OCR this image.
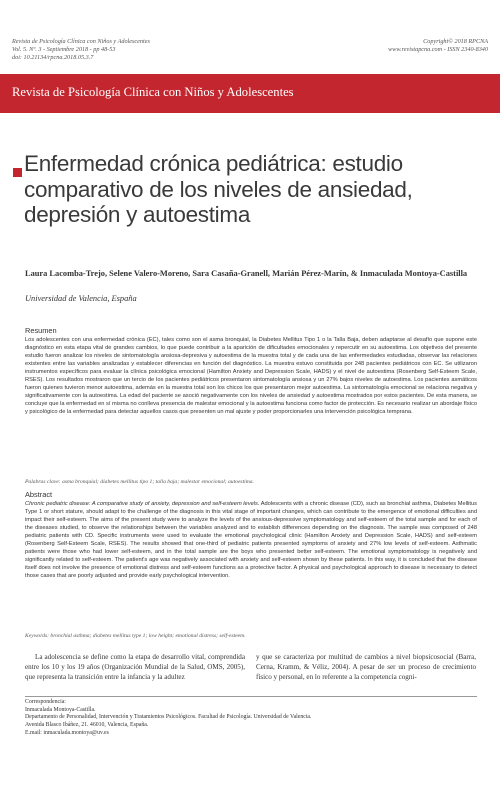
Revista de Psicología Clínica con Niños y Adolescentes
Vol. 5. Nº. 3 - Septiembre 2018 - pp 48-53
doi: 10.21134/rpcna.2018.05.3.7
Copyright© 2018 RPCNA
www.revistapcna.com - ISSN 2340-8340
Revista de Psicología Clínica con Niños y Adolescentes
Enfermedad crónica pediátrica: estudio
comparativo de los niveles de ansiedad,
depresión y autoestima
Laura Lacomba-Trejo, Selene Valero-Moreno, Sara Casaña-Granell, Marián Pérez-Marín, & Inmaculada Montoya-Castilla
Universidad de Valencia, España
Resumen
Los adolescentes con una enfermedad crónica (EC), tales como son el asma bronquial, la Diabetes Mellitus Tipo 1 o la Talla Baja, deben adaptarse al desafío que supone este diagnóstico en esta etapa vital de grandes cambios, lo que puede contribuir a la aparición de dificultades emocionales y repercutir en su autoestima. Los objetivos del presente estudio fueron analizar los niveles de sintomatología ansiosa-depresiva y autoestima de la muestra total y de cada una de las enfermedades estudiadas, observar las relaciones existentes entre las variables analizadas y establecer diferencias en función del diagnóstico. La muestra estuvo constituida por 248 pacientes pediátricos con EC. Se utilizaron instrumentos específicos para evaluar la clínica psicológica emocional (Hamilton Anxiety and Depression Scale, HADS) y el nivel de autoestima (Rosenberg Self-Esteem Scale, RSES). Los resultados mostraron que un tercio de los pacientes pediátricos presentaron sintomatología ansiosa y un 27% bajos niveles de autoestima. Los pacientes asmáticos fueron quienes tuvieron menor autoestima, además en la muestra total son los chicos los que presentaron mejor autoestima. La sintomatología emocional se relaciona negativa y significativamente con la autoestima. La edad del paciente se asoció negativamente con los niveles de ansiedad y autoestima mostrados por estos pacientes. De esta manera, se concluye que la enfermedad en sí misma no conlleva presencia de malestar emocional y la autoestima funciona como factor de protección. Es necesario realizar un abordaje físico y psicológico de la enfermedad para detectar aquellos casos que presenten un mal ajuste y poder proporcionarles una intervención psicológica temprana.
Palabras clave: asma bronquial; diabetes mellitus tipo 1; talla baja; malestar emocional; autoestima.
Abstract
Chronic pediatric disease: A comparative study of anxiety, depression and self-esteem levels. Adolescents with a chronic disease (CD), such as bronchial asthma, Diabetes Mellitus Type 1 or short stature, should adapt to the challenge of the diagnosis in this vital stage of important changes, which can contribute to the emergence of emotional difficulties and impact their self-esteem. The aims of the present study were to analyze the levels of the anxious-depressive symptomatology and self-esteem of the total sample and for each of the diseases studied, to observe the relationships between the variables analyzed and to establish differences depending on the diagnosis. The sample was composed of 248 pediatric patients with CD. Specific instruments were used to evaluate the emotional psychological clinic (Hamilton Anxiety and Depression Scale, HADS) and self-esteem (Rosenberg Self-Esteem Scale, RSES). The results showed that one-third of pediatric patients presented symptoms of anxiety and 27% low levels of self-esteem. Asthmatic patients were those who had lower self-esteem, and in the total sample are the boys who presented better self-esteem. The emotional symptomatology is negatively and significantly related to self-esteem. The patient's age was negatively associated with anxiety and self-esteem shown by these patients. In this way, it is concluded that the disease itself does not involve the presence of emotional distress and self-esteem functions as a protective factor. A physical and psychological approach to disease is necessary to detect those cases that are poorly adjusted and provide early psychological intervention.
Keywords: bronchial asthma; diabetes mellitus type 1; low height; emotional distress; self-esteem.
La adolescencia se define como la etapa de desarrollo vital, comprendida entre los 10 y los 19 años (Organización Mundial de la Salud, OMS, 2005), que representa la transición entre la infancia y la adultez
y que se caracteriza por multitud de cambios a nivel biopsicosocial (Barra, Cerna, Kramm, & Véliz, 2004). A pesar de ser un proceso de crecimiento físico y personal, en lo referente a la competencia cogni-
Correspondencia:
Inmaculada Montoya-Castilla.
Departamento de Personalidad, Intervención y Tratamientos Psicológicos. Facultad de Psicología. Universidad de Valencia.
Avenida Blasco Ibáñez, 21. 46010, Valencia, España.
E.mail: inmaculada.montoya@uv.es
